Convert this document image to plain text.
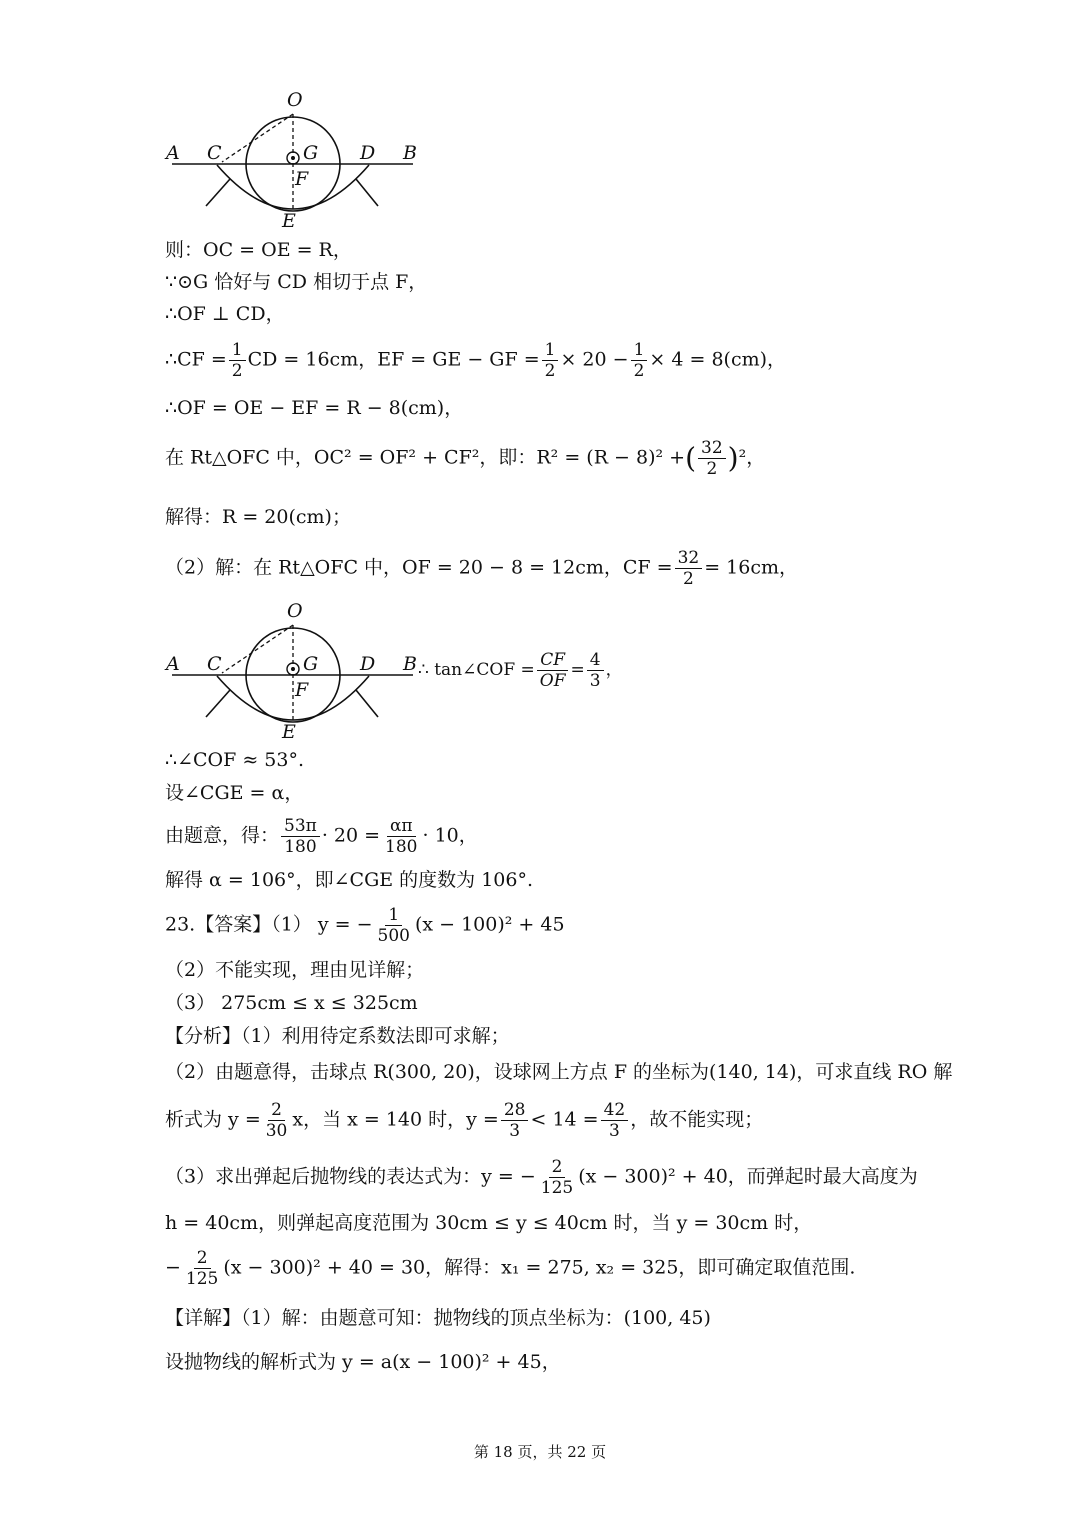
O
A C	G D B
F
E
则：OC = OE = R，
∵⊙G 恰好与 CD 相切于点 F，
∴OF ⊥ CD，
∴CF = $\frac{1}{2}$ CD = 16cm，EF = GE − GF = $\frac{1}{2} \times 20 - \frac{1}{2} \times 4 = 8(cm)$，
∴OF = OE − EF = R − 8(cm)，
在 Rt△OFC 中，OC² = OF² + CF²，即：R² = (R − 8)² +( $\frac{32}{2} )^2$，
解得：R = 20(cm)；
（2）解：在 Rt△OFC 中，OF = 20 − 8 = 12cm，CF = $\frac{32}{2} = 16cm$，
O
A C	G D B
F
E
∴ tan∠COF = $\frac{CF}{OF} = \frac{4}{3}$ ，
∴∠COF ≈ 53°.
设∠CGE = α，
由题意，得： $\frac{53\pi}{180} \cdot 20 = \frac{\alpha\pi}{180} \cdot 10$，
解得 α = 106°，即∠CGE 的度数为 106°.
23.【答案】（1） y = − $\frac{1}{500} (x - 100)^2 + 45$
（2）不能实现，理由见详解；
（3） 275cm ≤ x ≤ 325cm
【分析】（1）利用待定系数法即可求解；
（2）由题意得，击球点 R(300, 20)，设球网上方点 F 的坐标为(140, 14)，可求直线 RO 解
析式为 $y = \frac{2}{30}$ x，当 x = 140 时，$y = \frac{28}{3} < 14 = \frac{42}{3}$ ，故不能实现；
（3）求出弹起后抛物线的表达式为：y = − $\frac{2}{125} (x - 300)^2 + 40$，而弹起时最大高度为
h = 40cm，则弹起高度范围为 30cm ≤ y ≤ 40cm 时，当 y = 30cm 时，
− $\frac{2}{125} (x - 300)^2 + 40 = 30$，解得：x₁ = 275, x₂ = 325，即可确定取值范围.
【详解】（1）解：由题意可知：抛物线的顶点坐标为：(100, 45)
设抛物线的解析式为 y = a(x − 100)² + 45，
第 18 页，共 22 页
